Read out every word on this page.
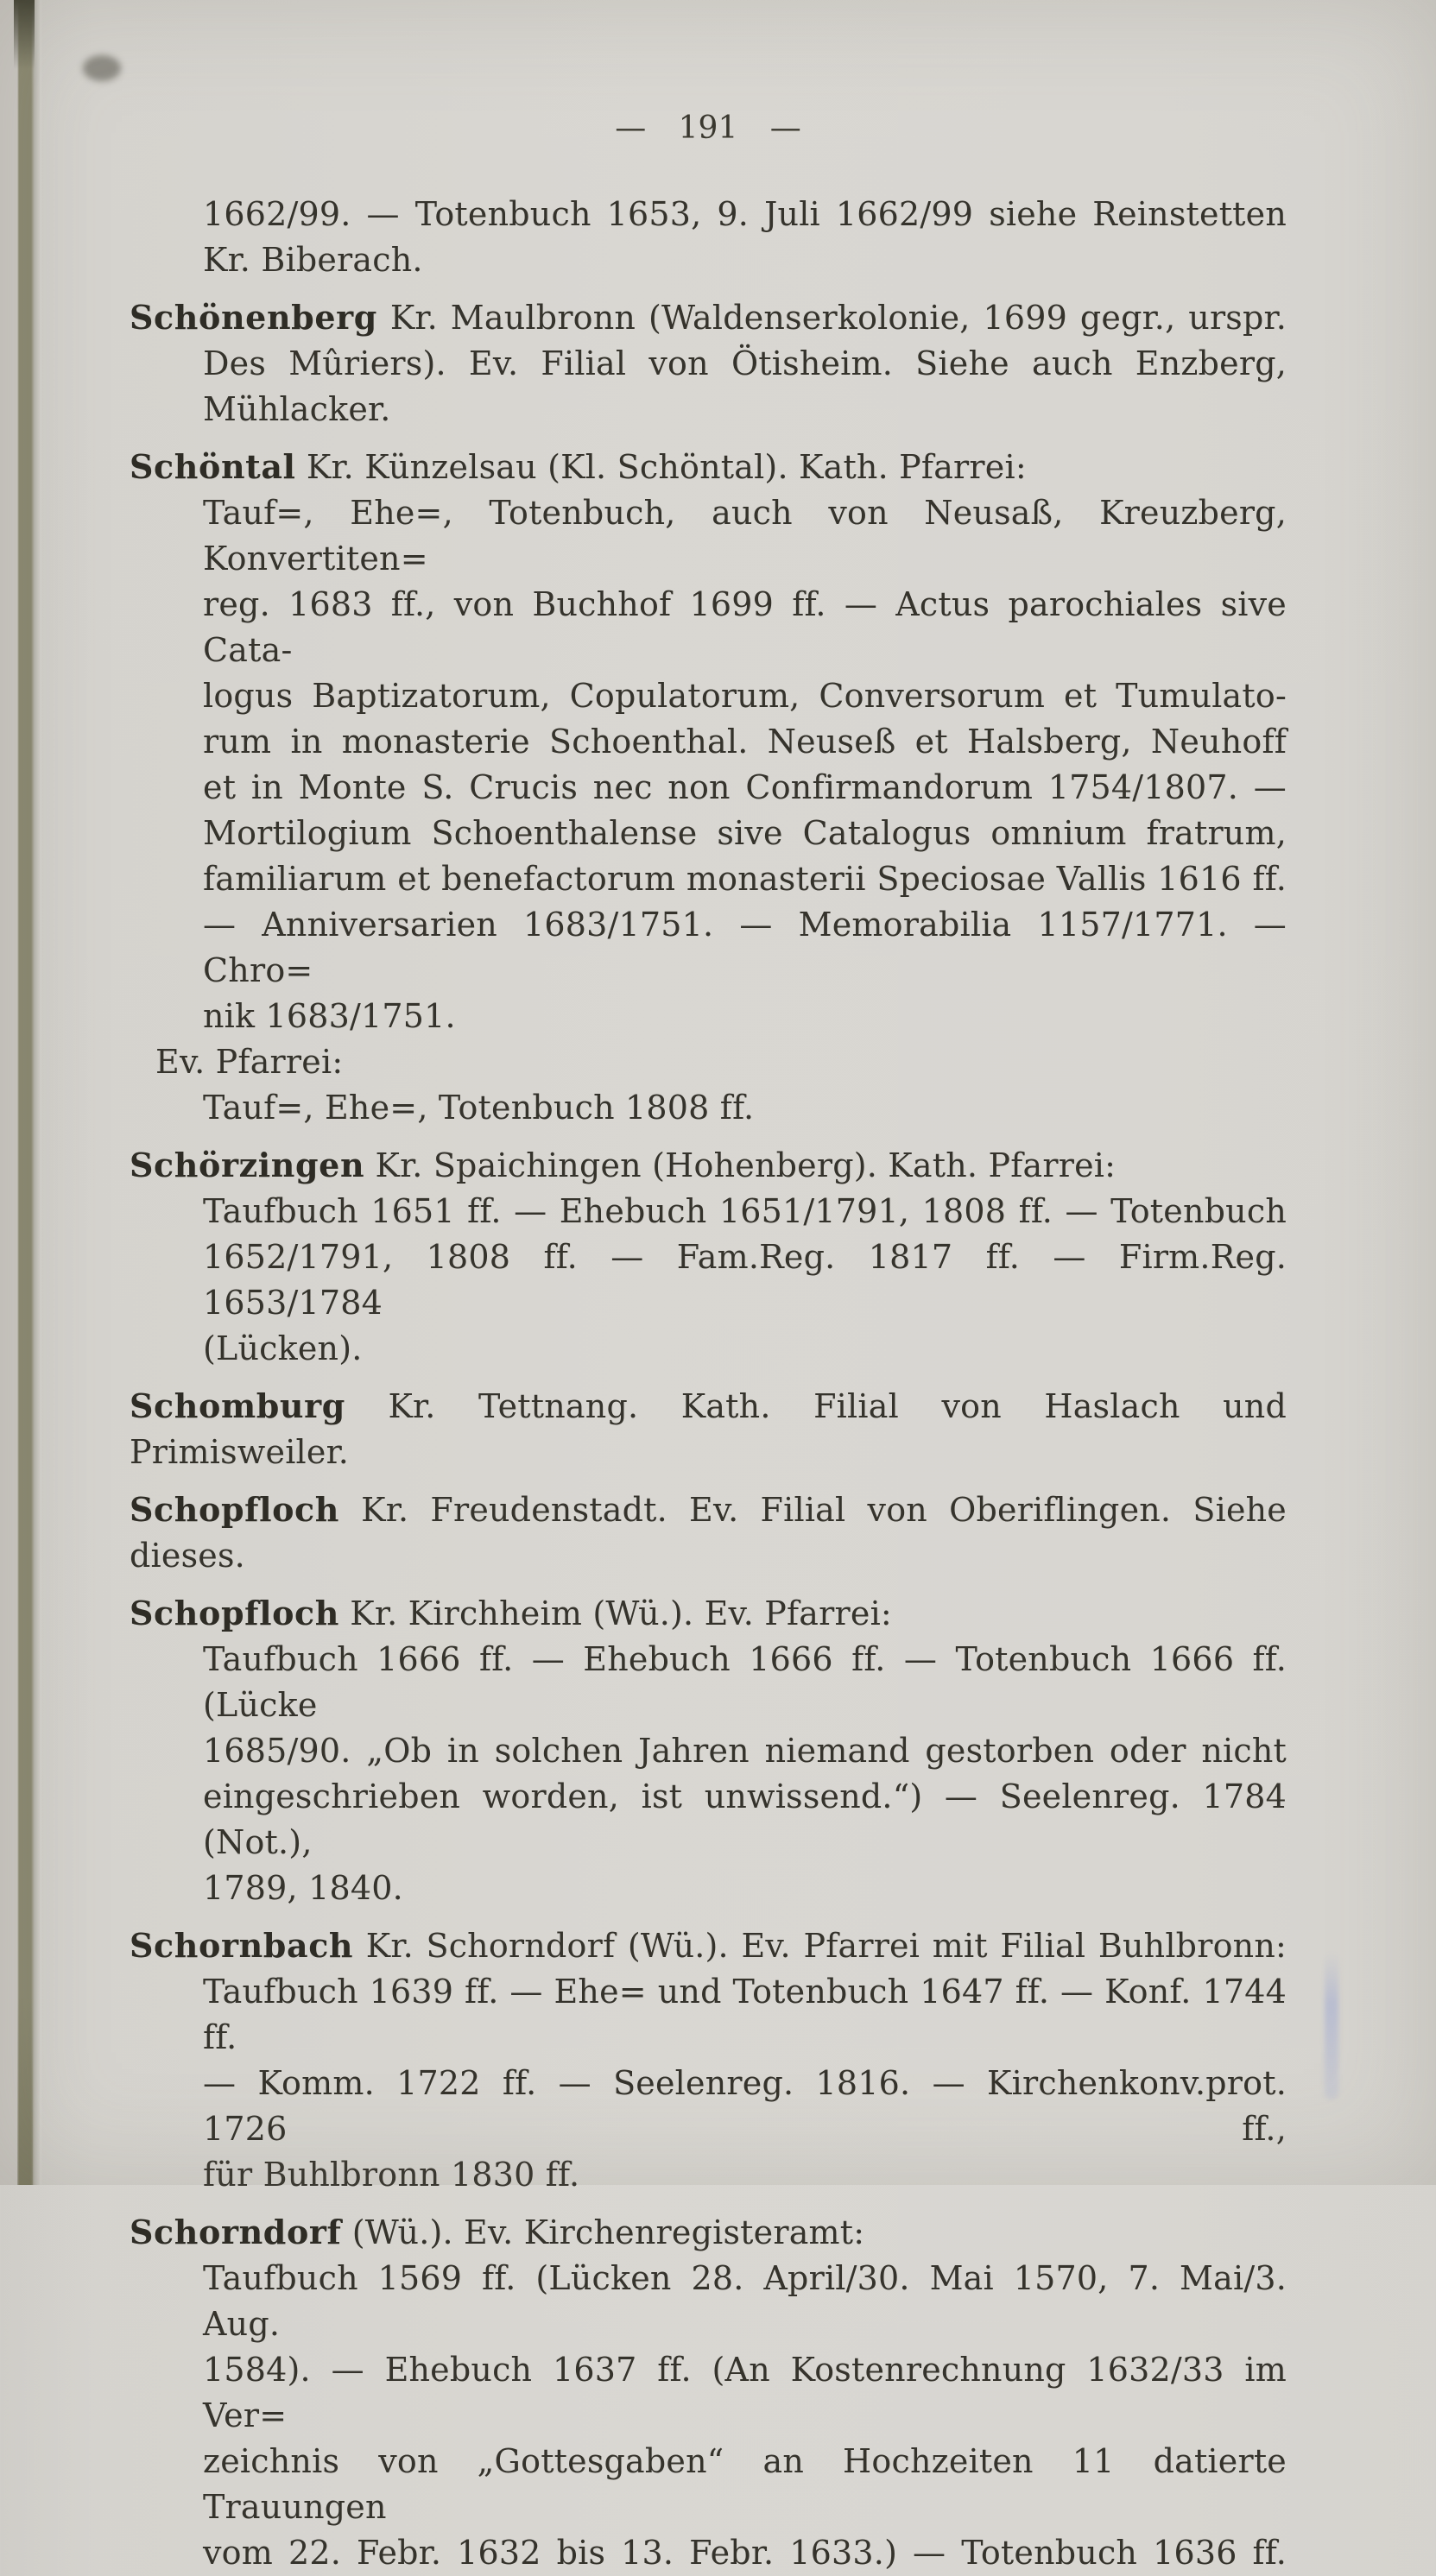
— 191 —
1662/99. — Totenbuch 1653, 9. Juli 1662/99 siehe Reinstetten
Kr. Biberach.
Schönenberg Kr. Maulbronn (Waldenserkolonie, 1699 gegr., urspr.
Des Mûriers). Ev. Filial von Ötisheim. Siehe auch Enzberg,
Mühlacker.
Schöntal Kr. Künzelsau (Kl. Schöntal). Kath. Pfarrei:
Tauf=, Ehe=, Totenbuch, auch von Neusaß, Kreuzberg, Konvertiten=
reg. 1683 ff., von Buchhof 1699 ff. — Actus parochiales sive Cata-
logus Baptizatorum, Copulatorum, Conversorum et Tumulato-
rum in monasterie Schoenthal. Neuseß et Halsberg, Neuhoff
et in Monte S. Crucis nec non Confirmandorum 1754/1807. —
Mortilogium Schoenthalense sive Catalogus omnium fratrum,
familiarum et benefactorum monasterii Speciosae Vallis 1616 ff.
— Anniversarien 1683/1751. — Memorabilia 1157/1771. — Chro=
nik 1683/1751.
Ev. Pfarrei:
Tauf=, Ehe=, Totenbuch 1808 ff.
Schörzingen Kr. Spaichingen (Hohenberg). Kath. Pfarrei:
Taufbuch 1651 ff. — Ehebuch 1651/1791, 1808 ff. — Totenbuch
1652/1791, 1808 ff. — Fam.Reg. 1817 ff. — Firm.Reg. 1653/1784
(Lücken).
Schomburg Kr. Tettnang. Kath. Filial von Haslach und Primisweiler.
Schopfloch Kr. Freudenstadt. Ev. Filial von Oberiflingen. Siehe dieses.
Schopfloch Kr. Kirchheim (Wü.). Ev. Pfarrei:
Taufbuch 1666 ff. — Ehebuch 1666 ff. — Totenbuch 1666 ff. (Lücke
1685/90. „Ob in solchen Jahren niemand gestorben oder nicht
eingeschrieben worden, ist unwissend.“) — Seelenreg. 1784 (Not.),
1789, 1840.
Schornbach Kr. Schorndorf (Wü.). Ev. Pfarrei mit Filial Buhlbronn:
Taufbuch 1639 ff. — Ehe= und Totenbuch 1647 ff. — Konf. 1744 ff.
— Komm. 1722 ff. — Seelenreg. 1816. — Kirchenkonv.prot. 1726 ff.,
für Buhlbronn 1830 ff.
Schorndorf (Wü.). Ev. Kirchenregisteramt:
Taufbuch 1569 ff. (Lücken 28. April/30. Mai 1570, 7. Mai/3. Aug.
1584). — Ehebuch 1637 ff. (An Kostenrechnung 1632/33 im Ver=
zeichnis von „Gottesgaben“ an Hochzeiten 11 datierte Trauungen
vom 22. Febr. 1632 bis 13. Febr. 1633.) — Totenbuch 1636 ff.
